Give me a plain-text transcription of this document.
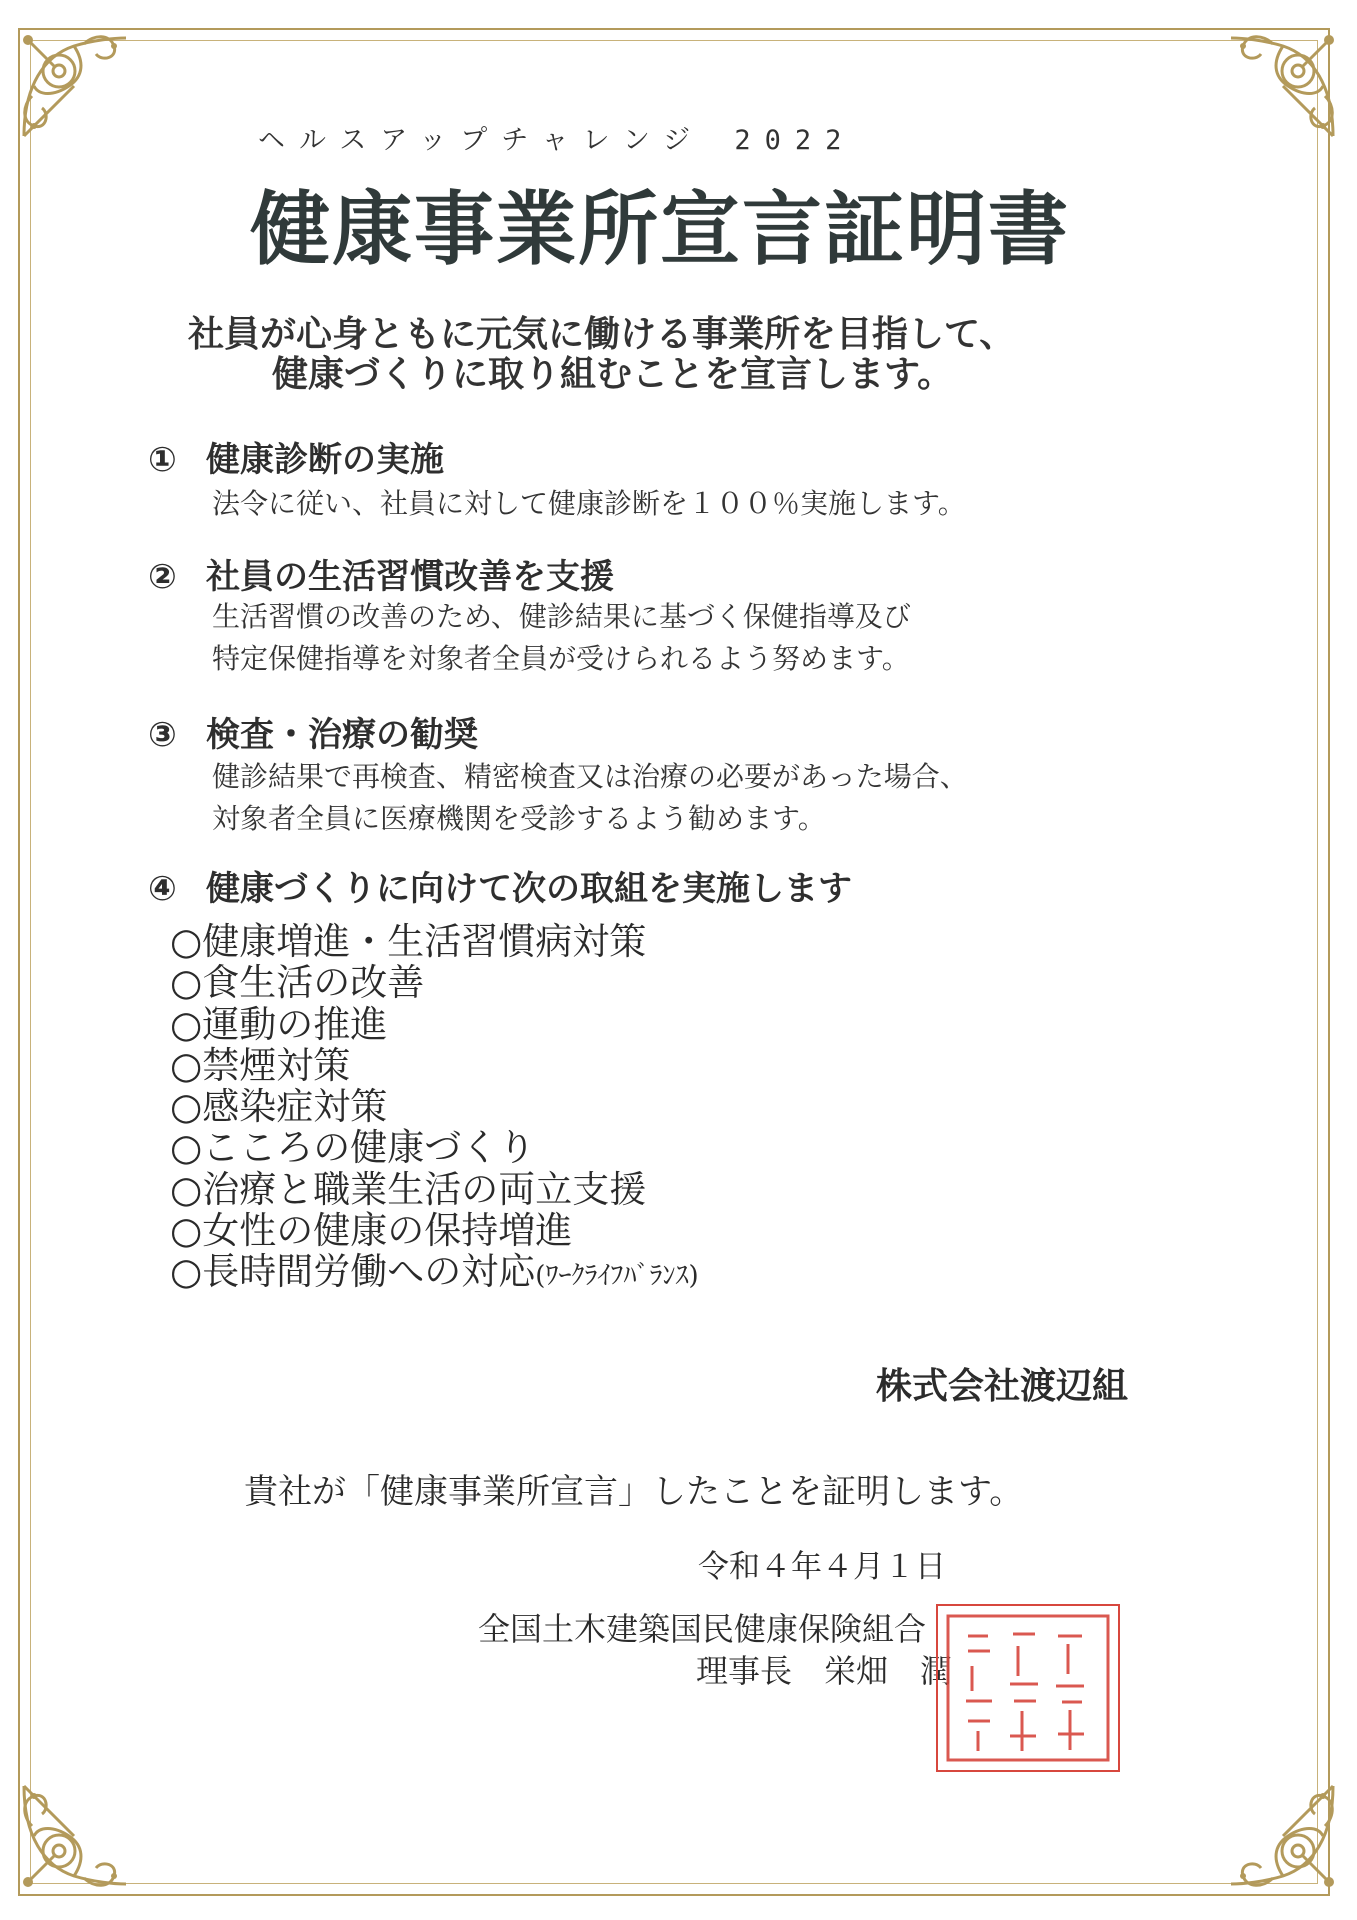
ヘルスアップチャレンジ 2022
健康事業所宣言証明書
社員が心身ともに元気に働ける事業所を目指して、
健康づくりに取り組むことを宣言します。
① 健康診断の実施
法令に従い、社員に対して健康診断を１００％実施します。
② 社員の生活習慣改善を支援
生活習慣の改善のため、健診結果に基づく保健指導及び
特定保健指導を対象者全員が受けられるよう努めます。
③ 検査・治療の勧奨
健診結果で再検査、精密検査又は治療の必要があった場合、
対象者全員に医療機関を受診するよう勧めます。
④ 健康づくりに向けて次の取組を実施します
○健康増進・生活習慣病対策
○食生活の改善
○運動の推進
○禁煙対策
○感染症対策
○こころの健康づくり
○治療と職業生活の両立支援
○女性の健康の保持増進
○長時間労働への対応(ﾜｰｸﾗｲﾌﾊﾞﾗﾝｽ)
株式会社渡辺組
貴社が「健康事業所宣言」したことを証明します。
令和４年４月１日
全国土木建築国民健康保険組合
理事長　栄畑　潤
